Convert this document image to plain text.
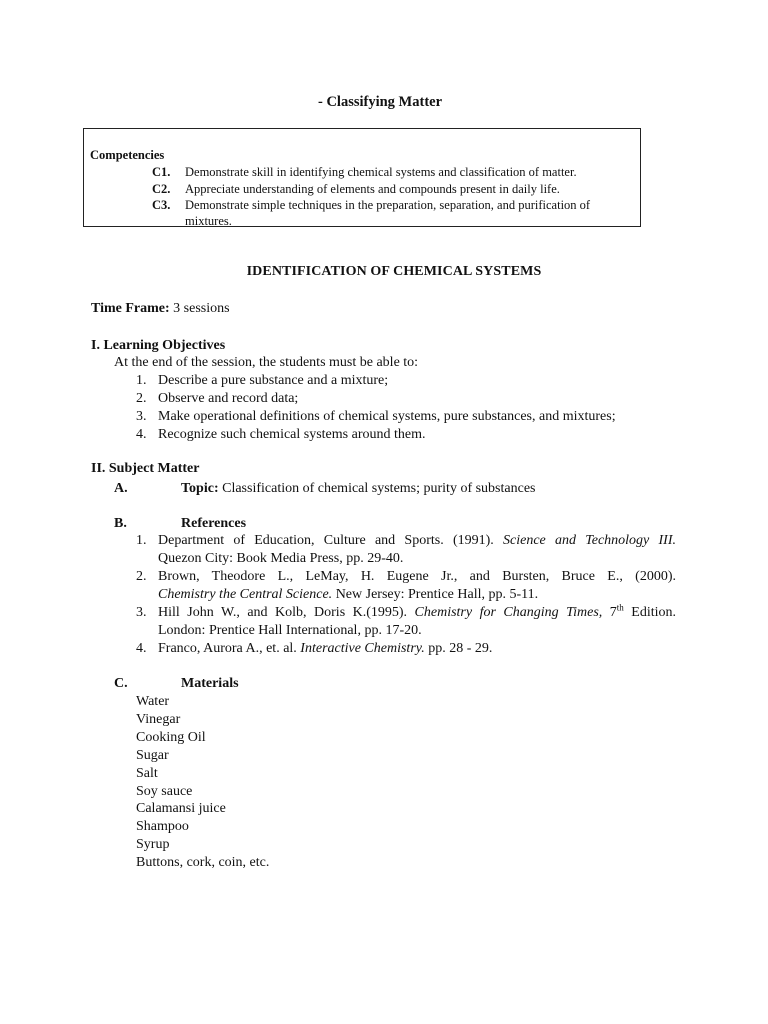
- Classifying Matter
Competencies
C1. Demonstrate skill in identifying chemical systems and classification of matter.
C2. Appreciate understanding of elements and compounds present in daily life.
C3. Demonstrate simple techniques in the preparation, separation, and purification of
mixtures.
IDENTIFICATION OF CHEMICAL SYSTEMS
Time Frame: 3 sessions
I. Learning Objectives
At the end of the session, the students must be able to:
1. Describe a pure substance and a mixture;
2. Observe and record data;
3. Make operational definitions of chemical systems, pure substances, and mixtures;
4. Recognize such chemical systems around them.
II. Subject Matter
A.	Topic: Classification of chemical systems; purity of substances
B.	References
1. Department of Education, Culture and Sports. (1991). Science and Technology III.
Quezon City: Book Media Press, pp. 29-40.
2. Brown, Theodore L., LeMay, H. Eugene Jr., and Bursten, Bruce E., (2000).
Chemistry the Central Science. New Jersey: Prentice Hall, pp. 5-11.
3. Hill John W., and Kolb, Doris K.(1995). Chemistry for Changing Times, 7th Edition.
London: Prentice Hall International, pp. 17-20.
4. Franco, Aurora A., et. al. Interactive Chemistry. pp. 28 - 29.
C.	Materials
Water
Vinegar
Cooking Oil
Sugar
Salt
Soy sauce
Calamansi juice
Shampoo
Syrup
Buttons, cork, coin, etc.
